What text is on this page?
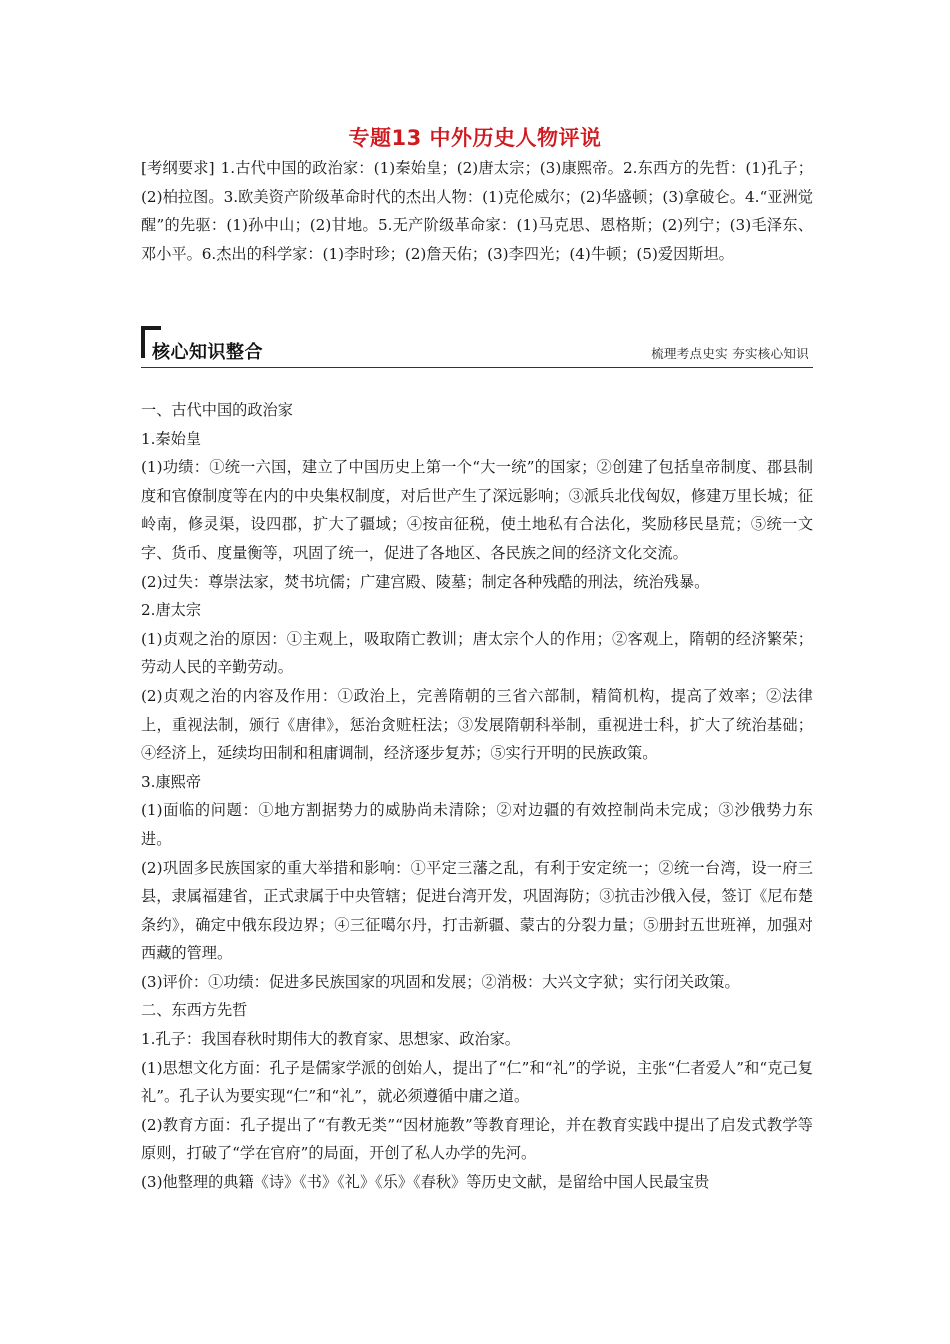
专题13 中外历史人物评说
[考纲要求] 1.古代中国的政治家：(1)秦始皇；(2)唐太宗；(3)康熙帝。2.东西方的先哲：(1)孔子；(2)柏拉图。3.欧美资产阶级革命时代的杰出人物：(1)克伦威尔；(2)华盛顿；(3)拿破仑。4.“亚洲觉醒”的先驱：(1)孙中山；(2)甘地。5.无产阶级革命家：(1)马克思、恩格斯；(2)列宁；(3)毛泽东、邓小平。6.杰出的科学家：(1)李时珍；(2)詹天佑；(3)李四光；(4)牛顿；(5)爱因斯坦。
核心知识整合	梳理考点史实 夯实核心知识

一、古代中国的政治家

1.秦始皇

(1)功绩：①统一六国，建立了中国历史上第一个“大一统”的国家；②创建了包括皇帝制度、郡县制度和官僚制度等在内的中央集权制度，对后世产生了深远影响；③派兵北伐匈奴，修建万里长城；征岭南，修灵渠，设四郡，扩大了疆域；④按亩征税，使土地私有合法化，奖励移民垦荒；⑤统一文字、货币、度量衡等，巩固了统一，促进了各地区、各民族之间的经济文化交流。

(2)过失：尊崇法家，焚书坑儒；广建宫殿、陵墓；制定各种残酷的刑法，统治残暴。

2.唐太宗

(1)贞观之治的原因：①主观上，吸取隋亡教训；唐太宗个人的作用；②客观上，隋朝的经济繁荣；劳动人民的辛勤劳动。

(2)贞观之治的内容及作用：①政治上，完善隋朝的三省六部制，精简机构，提高了效率；②法律上，重视法制，颁行《唐律》，惩治贪赃枉法；③发展隋朝科举制，重视进士科，扩大了统治基础；④经济上，延续均田制和租庸调制，经济逐步复苏；⑤实行开明的民族政策。

3.康熙帝

(1)面临的问题：①地方割据势力的威胁尚未清除；②对边疆的有效控制尚未完成；③沙俄势力东进。

(2)巩固多民族国家的重大举措和影响：①平定三藩之乱，有利于安定统一；②统一台湾，设一府三县，隶属福建省，正式隶属于中央管辖；促进台湾开发，巩固海防；③抗击沙俄入侵，签订《尼布楚条约》，确定中俄东段边界；④三征噶尔丹，打击新疆、蒙古的分裂力量；⑤册封五世班禅，加强对西藏的管理。

(3)评价：①功绩：促进多民族国家的巩固和发展；②消极：大兴文字狱；实行闭关政策。

二、东西方先哲

1.孔子：我国春秋时期伟大的教育家、思想家、政治家。

(1)思想文化方面：孔子是儒家学派的创始人，提出了“仁”和“礼”的学说，主张“仁者爱人”和“克己复礼”。孔子认为要实现“仁”和“礼”，就必须遵循中庸之道。

(2)教育方面：孔子提出了“有教无类”“因材施教”等教育理论，并在教育实践中提出了启发式教学等原则，打破了“学在官府”的局面，开创了私人办学的先河。

(3)他整理的典籍《诗》《书》《礼》《乐》《春秋》等历史文献，是留给中国人民最宝贵
